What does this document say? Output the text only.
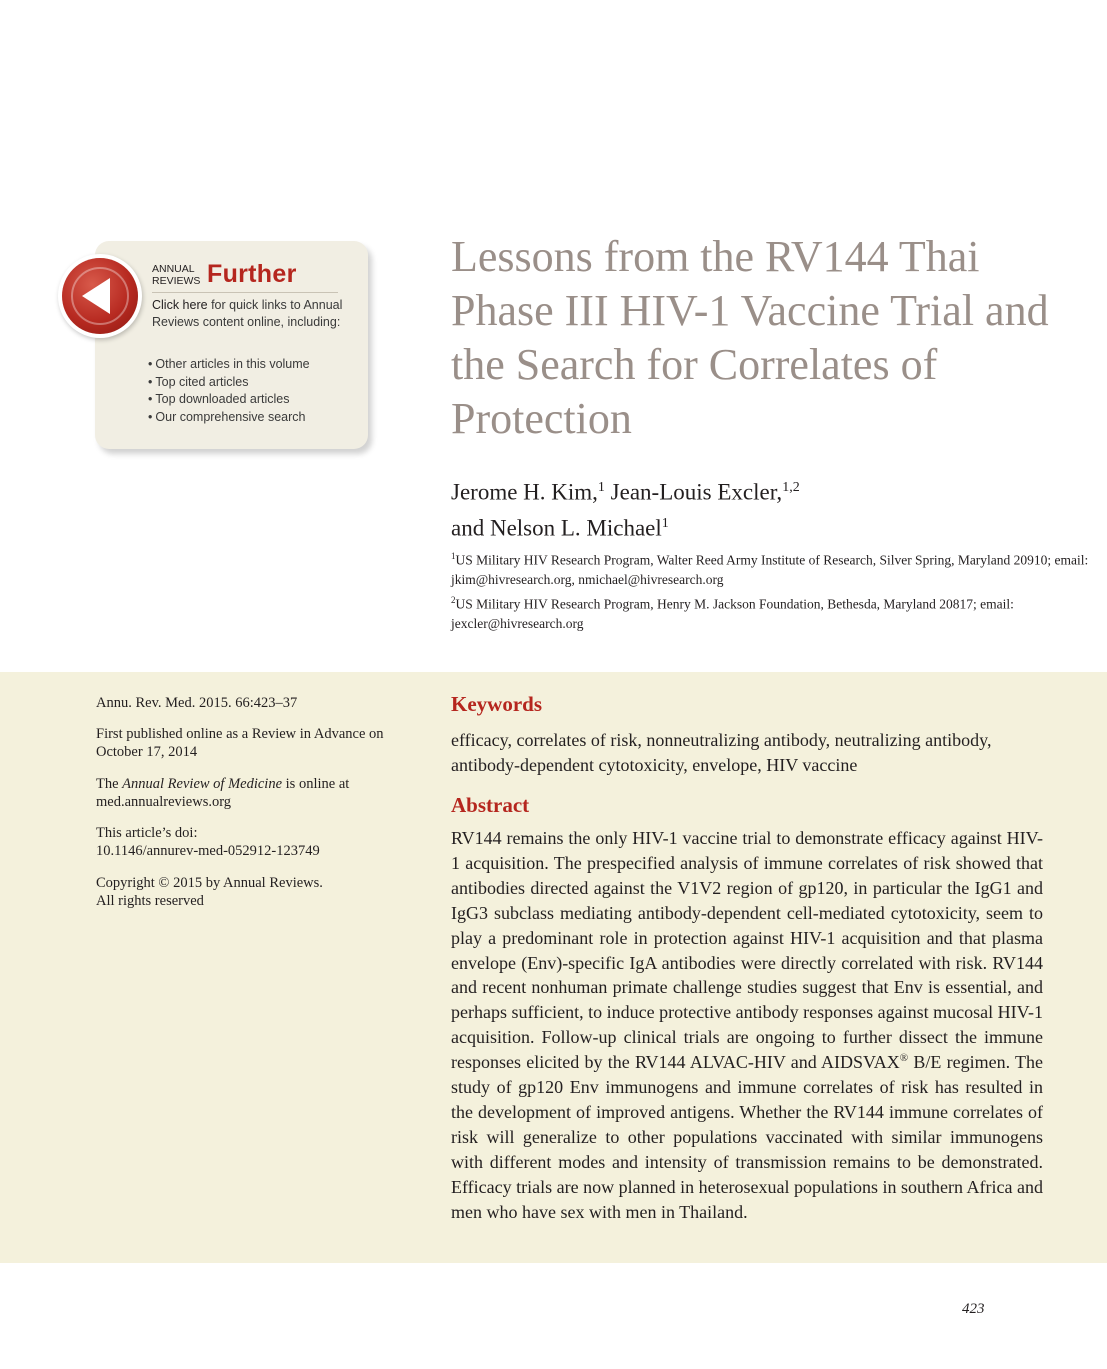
ANNUAL
REVIEWS Further
Click here for quick links to Annual Reviews content online, including:
• Other articles in this volume
• Top cited articles
• Top downloaded articles
• Our comprehensive search
Lessons from the RV144 Thai Phase III HIV-1 Vaccine Trial and the Search for Correlates of Protection
Jerome H. Kim,$^1$ Jean-Louis Excler,$^{1,2}$
and Nelson L. Michael$^1$
$^1$US Military HIV Research Program, Walter Reed Army Institute of Research, Silver Spring, Maryland 20910; email: jkim@hivresearch.org, nmichael@hivresearch.org
$^2$US Military HIV Research Program, Henry M. Jackson Foundation, Bethesda, Maryland 20817; email: jexcler@hivresearch.org
Annu. Rev. Med. 2015. 66:423–37
First published online as a Review in Advance on October 17, 2014
The Annual Review of Medicine is online at med.annualreviews.org
This article’s doi:
10.1146/annurev-med-052912-123749
Copyright © 2015 by Annual Reviews.
All rights reserved
Keywords
efficacy, correlates of risk, nonneutralizing antibody, neutralizing antibody, antibody-dependent cytotoxicity, envelope, HIV vaccine
Abstract
RV144 remains the only HIV-1 vaccine trial to demonstrate efficacy against HIV-1 acquisition. The prespecified analysis of immune correlates of risk showed that antibodies directed against the V1V2 region of gp120, in particular the IgG1 and IgG3 subclass mediating antibody-dependent cell-mediated cytotoxicity, seem to play a predominant role in protection against HIV-1 acquisition and that plasma envelope (Env)-specific IgA antibodies were directly correlated with risk. RV144 and recent nonhuman primate challenge studies suggest that Env is essential, and perhaps sufficient, to induce protective antibody responses against mucosal HIV-1 acquisition. Follow-up clinical trials are ongoing to further dissect the immune responses elicited by the RV144 ALVAC-HIV and AIDSVAX® B/E regimen. The study of gp120 Env immunogens and immune correlates of risk has resulted in the development of improved antigens. Whether the RV144 immune correlates of risk will generalize to other populations vaccinated with similar immunogens with different modes and intensity of transmission remains to be demonstrated. Efficacy trials are now planned in heterosexual populations in southern Africa and men who have sex with men in Thailand.
423
